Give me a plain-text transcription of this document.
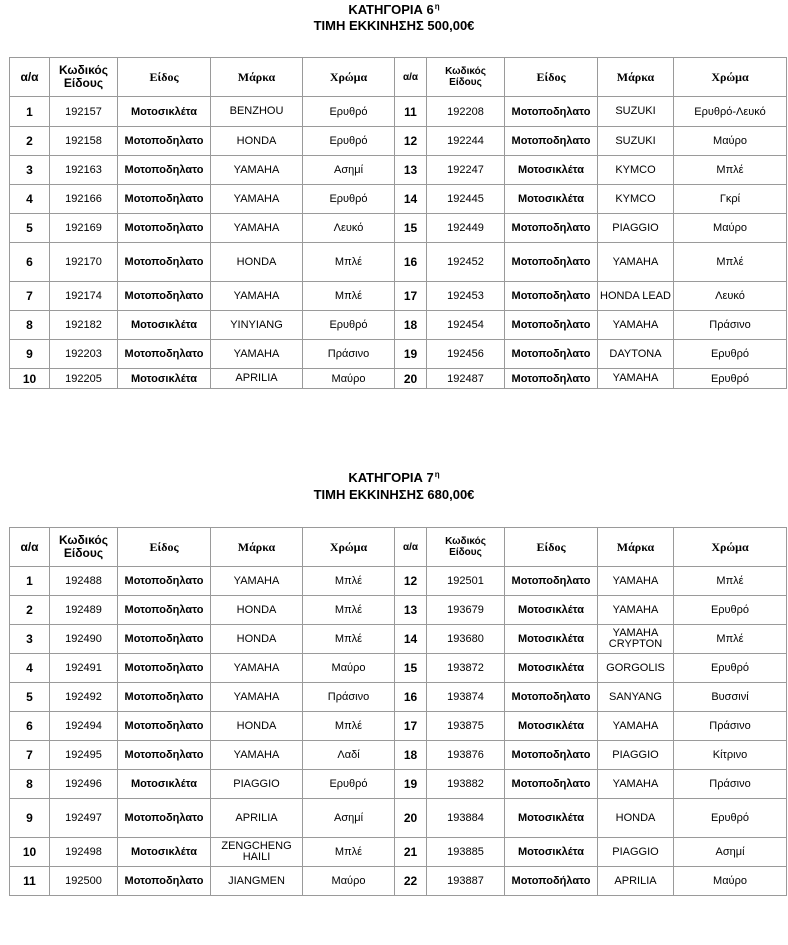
ΚΑΤΗΓΟΡΙΑ $6^\eta$
ΤΙΜΗ ΕΚΚΙΝΗΣΗΣ 500,00€
α/α	Κωδικός Είδους	Είδος	Μάρκα	Χρώμα	α/α	Κωδικός Είδους	Είδος	Μάρκα	Χρώμα
1	192157	Μοτοσικλέτα	BENZHOU	Ερυθρό	11	192208	Μοτοποδηλατο	SUZUKI	Ερυθρό-Λευκό
2	192158	Μοτοποδηλατο	HONDA	Ερυθρό	12	192244	Μοτοποδηλατο	SUZUKI	Μαύρο
3	192163	Μοτοποδηλατο	YAMAHA	Ασημί	13	192247	Μοτοσικλέτα	KYMCO	Μπλέ
4	192166	Μοτοποδηλατο	YAMAHA	Ερυθρό	14	192445	Μοτοσικλέτα	KYMCO	Γκρί
5	192169	Μοτοποδηλατο	YAMAHA	Λευκό	15	192449	Μοτοποδηλατο	PIAGGIO	Μαύρο
6	192170	Μοτοποδηλατο	HONDA	Μπλέ	16	192452	Μοτοποδηλατο	YAMAHA	Μπλέ
7	192174	Μοτοποδηλατο	YAMAHA	Μπλέ	17	192453	Μοτοποδηλατο	HONDA LEAD	Λευκό
8	192182	Μοτοσικλέτα	YINYIANG	Ερυθρό	18	192454	Μοτοποδηλατο	YAMAHA	Πράσινο
9	192203	Μοτοποδηλατο	YAMAHA	Πράσινο	19	192456	Μοτοποδηλατο	DAYTONA	Ερυθρό
10	192205	Μοτοσικλέτα	APRILIA	Μαύρο	20	192487	Μοτοποδηλατο	YAMAHA	Ερυθρό
ΚΑΤΗΓΟΡΙΑ $7^\eta$
ΤΙΜΗ ΕΚΚΙΝΗΣΗΣ 680,00€
α/α	Κωδικός Είδους	Είδος	Μάρκα	Χρώμα	α/α	Κωδικός Είδους	Είδος	Μάρκα	Χρώμα
1	192488	Μοτοποδηλατο	YAMAHA	Μπλέ	12	192501	Μοτοποδηλατο	YAMAHA	Μπλέ
2	192489	Μοτοποδηλατο	HONDA	Μπλέ	13	193679	Μοτοσικλέτα	YAMAHA	Ερυθρό
3	192490	Μοτοποδηλατο	HONDA	Μπλέ	14	193680	Μοτοσικλέτα	YAMAHA CRYPTON	Μπλέ
4	192491	Μοτοποδηλατο	YAMAHA	Μαύρο	15	193872	Μοτοσικλέτα	GORGOLIS	Ερυθρό
5	192492	Μοτοποδηλατο	YAMAHA	Πράσινο	16	193874	Μοτοποδηλατο	SANYANG	Βυσσινί
6	192494	Μοτοποδηλατο	HONDA	Μπλέ	17	193875	Μοτοσικλέτα	YAMAHA	Πράσινο
7	192495	Μοτοποδηλατο	YAMAHA	Λαδί	18	193876	Μοτοποδηλατο	PIAGGIO	Κίτρινο
8	192496	Μοτοσικλέτα	PIAGGIO	Ερυθρό	19	193882	Μοτοποδηλατο	YAMAHA	Πράσινο
9	192497	Μοτοποδηλατο	APRILIA	Ασημί	20	193884	Μοτοσικλέτα	HONDA	Ερυθρό
10	192498	Μοτοσικλέτα	ZENGCHENG HAILI	Μπλέ	21	193885	Μοτοσικλέτα	PIAGGIO	Ασημί
11	192500	Μοτοποδηλατο	JIANGMEN	Μαύρο	22	193887	Μοτοποδήλατο	APRILIA	Μαύρο
